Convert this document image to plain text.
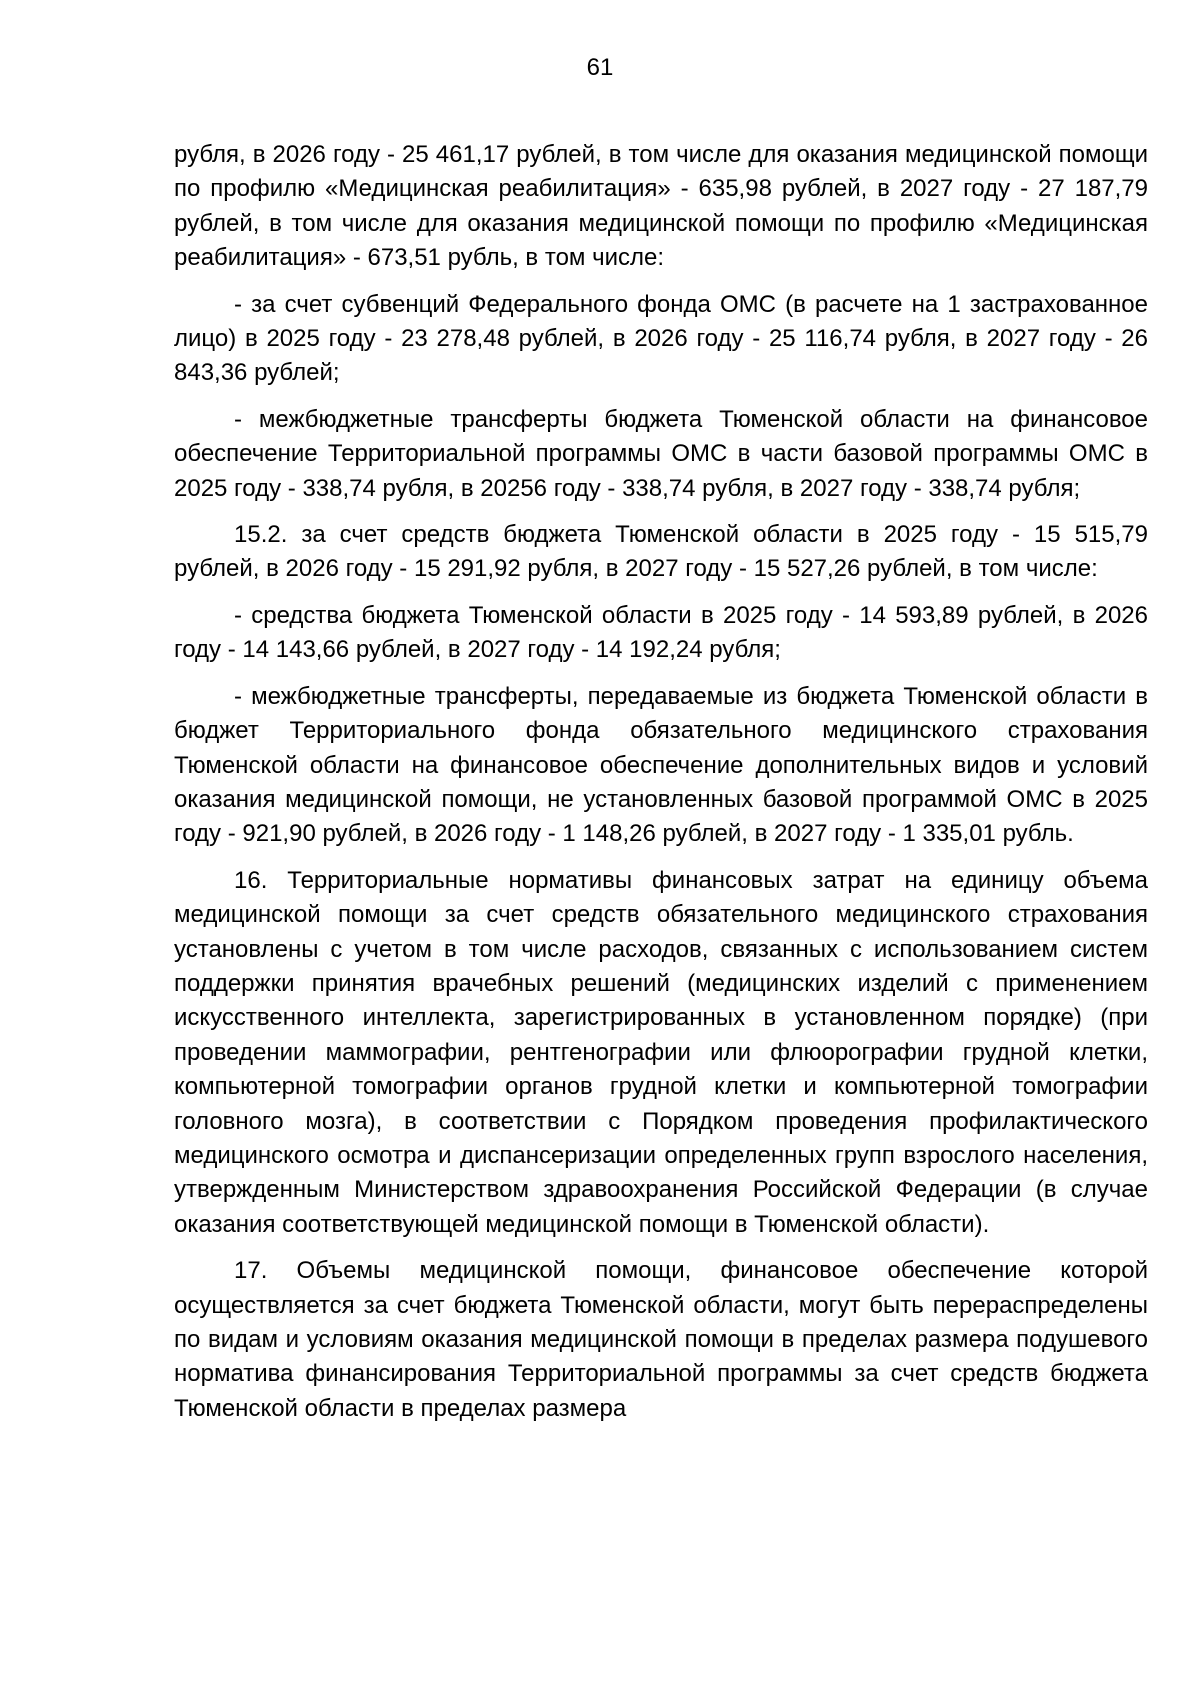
61

рубля, в 2026 году - 25 461,17 рублей, в том числе для оказания медицинской помощи по профилю «Медицинская реабилитация» - 635,98 рублей, в 2027 году - 27 187,79 рублей, в том числе для оказания медицинской помощи по профилю «Медицинская реабилитация» - 673,51 рубль, в том числе:

- за счет субвенций Федерального фонда ОМС (в расчете на 1 застрахованное лицо) в 2025 году - 23 278,48 рублей, в 2026 году - 25 116,74 рубля, в 2027 году - 26 843,36 рублей;

- межбюджетные трансферты бюджета Тюменской области на финансовое обеспечение Территориальной программы ОМС в части базовой программы ОМС в 2025 году - 338,74 рубля, в 20256 году - 338,74 рубля, в 2027 году - 338,74 рубля;

15.2. за счет средств бюджета Тюменской области в 2025 году - 15 515,79 рублей, в 2026 году - 15 291,92 рубля, в 2027 году - 15 527,26 рублей, в том числе:

- средства бюджета Тюменской области в 2025 году - 14 593,89 рублей, в 2026 году - 14 143,66 рублей, в 2027 году - 14 192,24 рубля;

- межбюджетные трансферты, передаваемые из бюджета Тюменской области в бюджет Территориального фонда обязательного медицинского страхования Тюменской области на финансовое обеспечение дополнительных видов и условий оказания медицинской помощи, не установленных базовой программой ОМС в 2025 году - 921,90 рублей, в 2026 году - 1 148,26 рублей, в 2027 году - 1 335,01 рубль.

16. Территориальные нормативы финансовых затрат на единицу объема медицинской помощи за счет средств обязательного медицинского страхования установлены с учетом в том числе расходов, связанных с использованием систем поддержки принятия врачебных решений (медицинских изделий с применением искусственного интеллекта, зарегистрированных в установленном порядке) (при проведении маммографии, рентгенографии или флюорографии грудной клетки, компьютерной томографии органов грудной клетки и компьютерной томографии головного мозга), в соответствии с Порядком проведения профилактического медицинского осмотра и диспансеризации определенных групп взрослого населения, утвержденным Министерством здравоохранения Российской Федерации (в случае оказания соответствующей медицинской помощи в Тюменской области).

17. Объемы медицинской помощи, финансовое обеспечение которой осуществляется за счет бюджета Тюменской области, могут быть перераспределены по видам и условиям оказания медицинской помощи в пределах размера подушевого норматива финансирования Территориальной программы за счет средств бюджета Тюменской области в пределах размера
